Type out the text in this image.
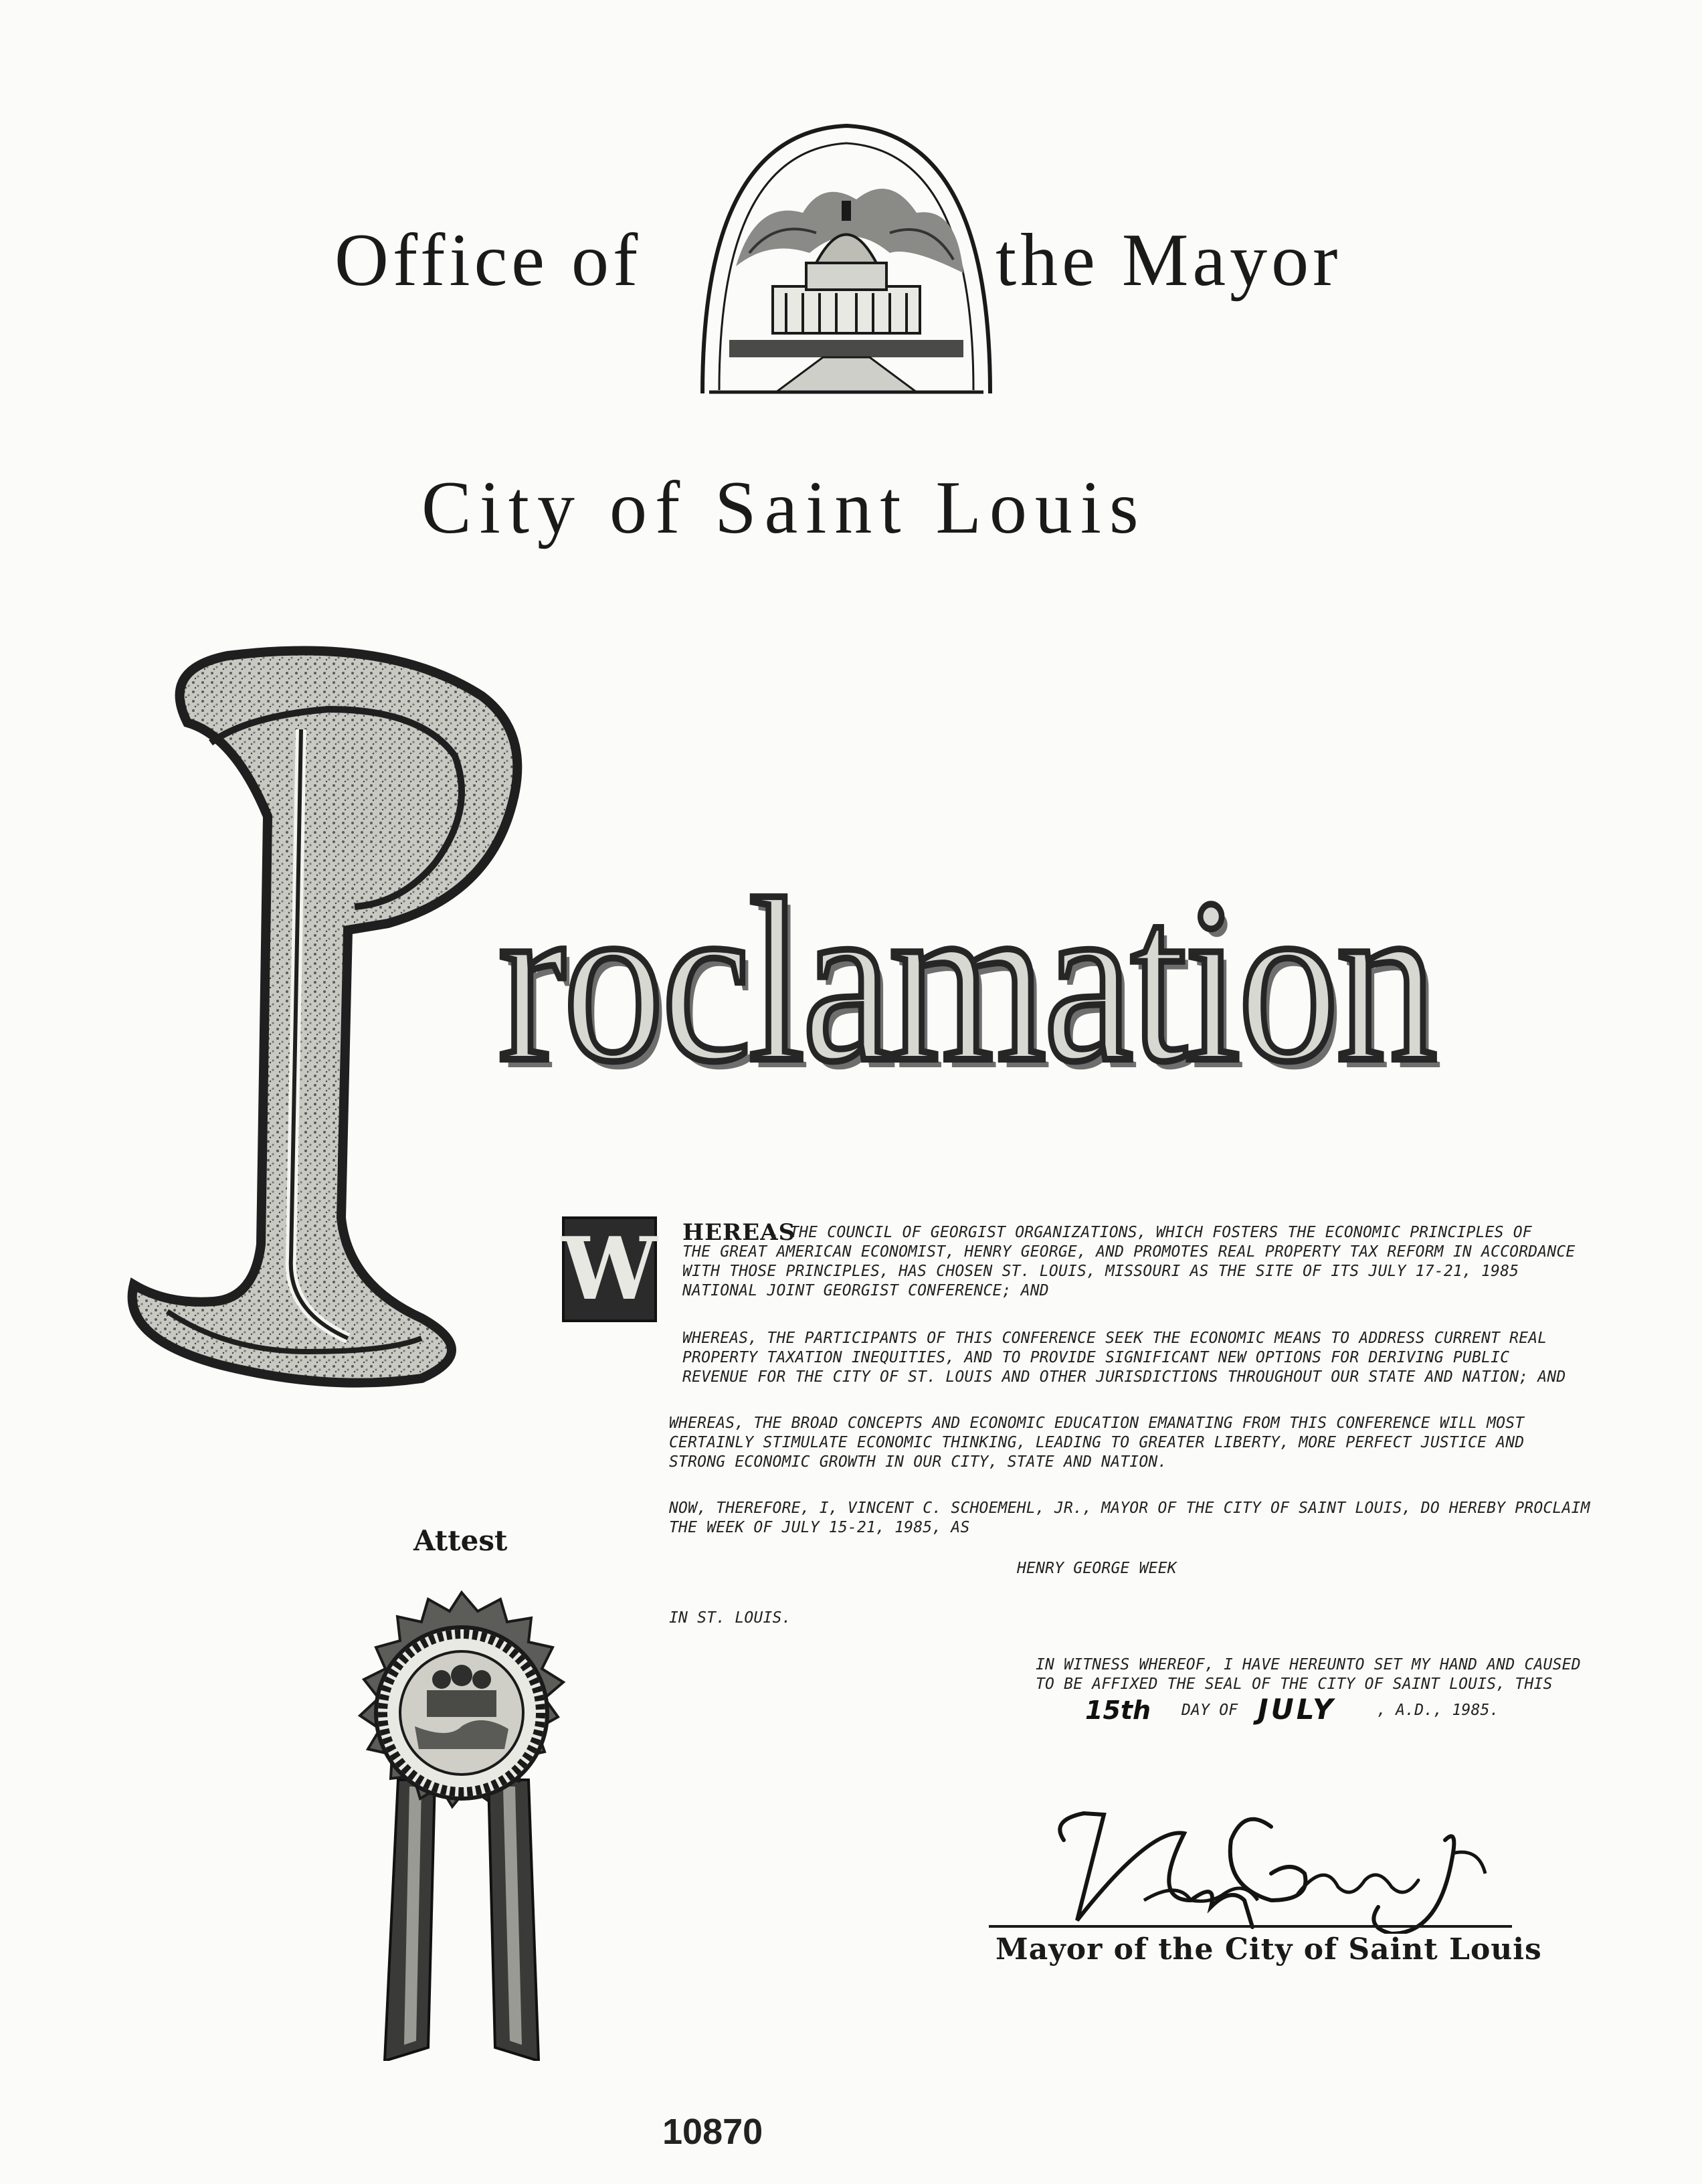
Office of	the Mayor
City of Saint Louis
roclamation
W HEREAS
, THE COUNCIL OF GEORGIST ORGANIZATIONS, WHICH FOSTERS THE ECONOMIC PRINCIPLES OF
THE GREAT AMERICAN ECONOMIST, HENRY GEORGE, AND PROMOTES REAL PROPERTY TAX REFORM IN ACCORDANCE
WITH THOSE PRINCIPLES, HAS CHOSEN ST. LOUIS, MISSOURI AS THE SITE OF ITS JULY 17-21, 1985
NATIONAL JOINT GEORGIST CONFERENCE; AND
WHEREAS, THE PARTICIPANTS OF THIS CONFERENCE SEEK THE ECONOMIC MEANS TO ADDRESS CURRENT REAL
PROPERTY TAXATION INEQUITIES, AND TO PROVIDE SIGNIFICANT NEW OPTIONS FOR DERIVING PUBLIC
REVENUE FOR THE CITY OF ST. LOUIS AND OTHER JURISDICTIONS THROUGHOUT OUR STATE AND NATION; AND
WHEREAS, THE BROAD CONCEPTS AND ECONOMIC EDUCATION EMANATING FROM THIS CONFERENCE WILL MOST
CERTAINLY STIMULATE ECONOMIC THINKING, LEADING TO GREATER LIBERTY, MORE PERFECT JUSTICE AND
STRONG ECONOMIC GROWTH IN OUR CITY, STATE AND NATION.
NOW, THEREFORE, I, VINCENT C. SCHOEMEHL, JR., MAYOR OF THE CITY OF SAINT LOUIS, DO HEREBY PROCLAIM
THE WEEK OF JULY 15-21, 1985, AS
HENRY GEORGE WEEK
IN ST. LOUIS.
IN WITNESS WHEREOF, I HAVE HEREUNTO SET MY HAND AND CAUSED
TO BE AFFIXED THE SEAL OF THE CITY OF SAINT LOUIS, THIS
15th DAY OF JULY	, A.D., 1985.
Attest
Mayor of the City of Saint Louis
10870
